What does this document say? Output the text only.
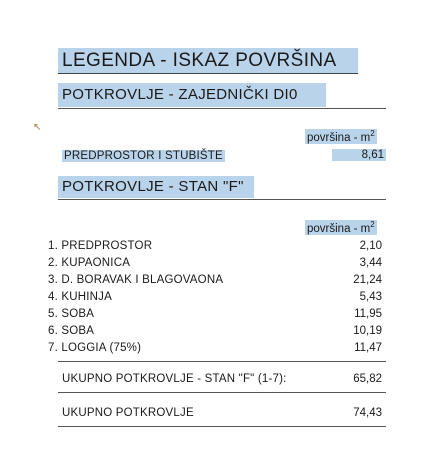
LEGENDA - ISKAZ POVRŠINA
POTKROVLJE - ZAJEDNIČKI DI0
↖
površina - $m^2$
PREDPROSTOR I STUBIŠTE	8,61
POTKROVLJE - STAN "F"
površina - $m^2$
1. PREDPROSTOR	2,10
2. KUPAONICA	3,44
3. D. BORAVAK I BLAGOVAONA	21,24
4. KUHINJA	5,43
5. SOBA	11,95
6. SOBA	10,19
7. LOGGIA (75%)	11,47
UKUPNO POTKROVLJE - STAN "F" (1-7):	65,82
UKUPNO POTKROVLJE	74,43
